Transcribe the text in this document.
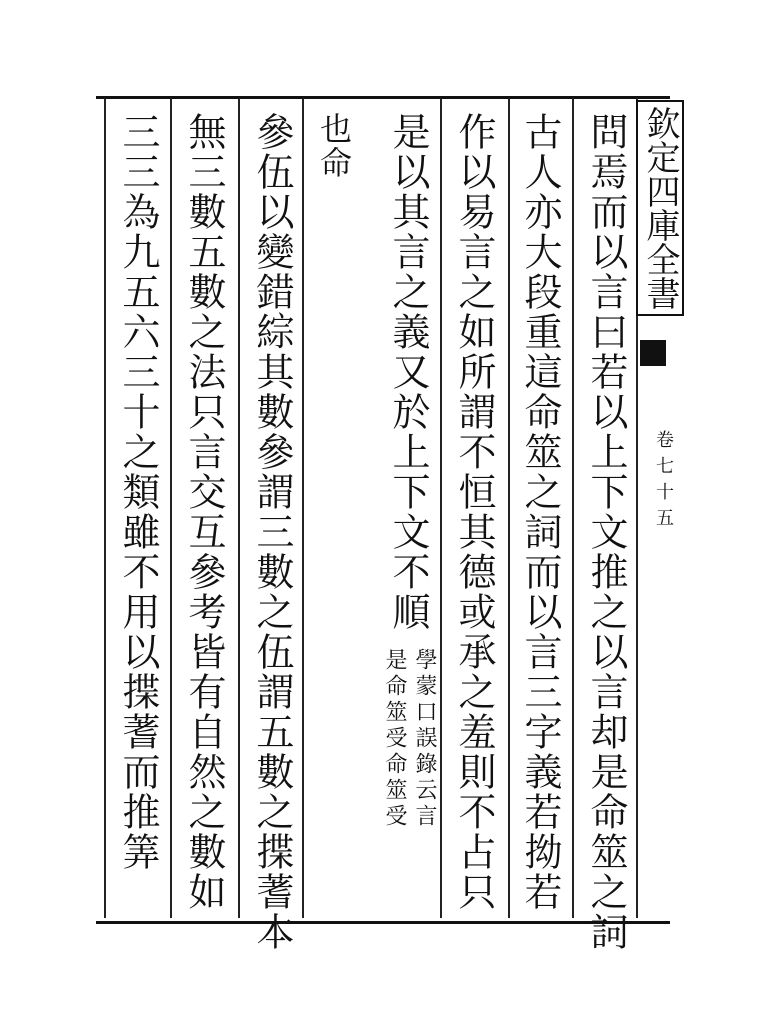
欽定四庫全書
卷七十五
問焉而以言曰若以上下文推之以言却是命筮之詞
古人亦大段重這命筮之詞而以言三字義若拗若
作以易言之如所謂不恒其德或承之羞則不占只
是以其言之義又於上下文不順
學蒙口誤錄云言
是命筮受命筮受
也命
參伍以變錯綜其數參謂三數之伍謂五數之揲蓍本
無三數五數之法只言交互參考皆有自然之數如
三三為九五六三十之類雖不用以揲蓍而推筭
